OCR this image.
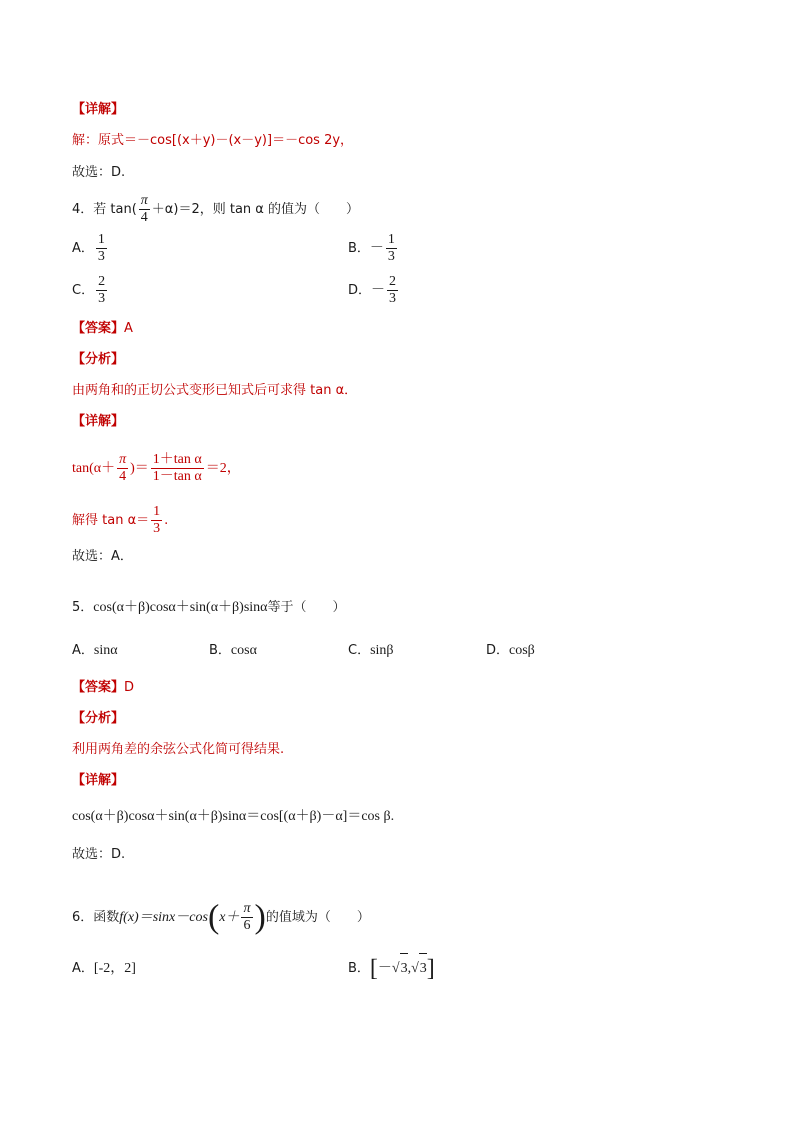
【详解】
解：原式＝－cos[(x＋y)－(x－y)]＝－cos 2y，
故选：D.
4．若 $\tan( \frac{\pi}{4} +\alpha)=2$，则 tan α 的值为（　　）
A． $\frac{1}{3}$	B．－ $\frac{1}{3}$
C． $\frac{2}{3}$	D．－ $\frac{2}{3}$
【答案】A
【分析】
由两角和的正切公式变形已知式后可求得 tan α．
【详解】
$\tan(\alpha+ \frac{\pi}{4}$ )＝ $\frac{\text{1＋tan α}}{\text{1－tan α}} =2$，
解得 $\tan \alpha= \frac{1}{3}$ .
故选：A．
5．cos(α＋β)cosα＋sin(α＋β)sinα等于（　　）
A．sinα	B．cosα	C．sinβ	D．cosβ
【答案】D
【分析】
利用两角差的余弦公式化简可得结果.
【详解】
cos(α＋β)cosα＋sin(α＋β)sinα＝cos[(α＋β)－α]＝cos β.
故选：D.
6．函数$f(x)=\sin x-\cos(x+ \frac{\pi}{6}$ )的值域为（　　）
A．[-2，2]	B．[－√3,√3]
